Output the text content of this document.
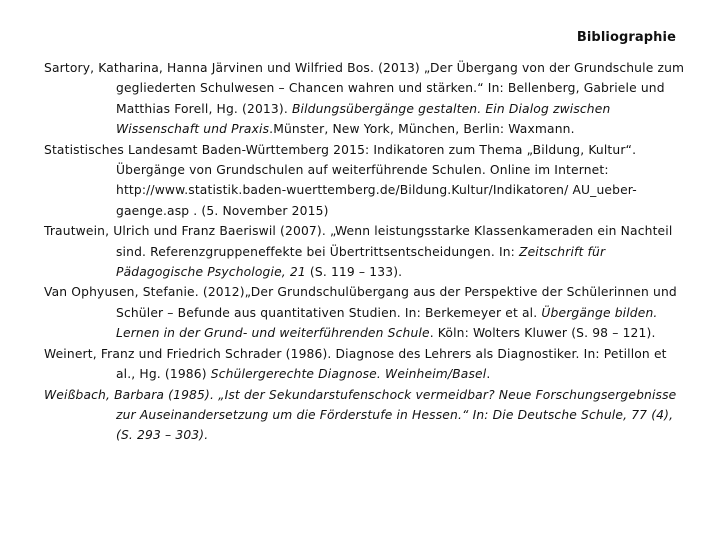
Bibliographie
Sartory, Katharina, Hanna Järvinen und Wilfried Bos. (2013) „Der Übergang von der Grundschule zum gegliederten Schulwesen – Chancen wahren und stärken.“ In: Bellenberg, Gabriele und Matthias Forell, Hg. (2013). Bildungsübergänge gestalten. Ein Dialog zwischen Wissenschaft und Praxis.Münster, New York, München, Berlin: Waxmann.
Statistisches Landesamt Baden-Württemberg 2015: Indikatoren zum Thema „Bildung, Kultur“. Übergänge von Grundschulen auf weiterführende Schulen. Online im Internet: http://www.statistik.baden-wuerttemberg.de/Bildung.Kultur/Indikatoren/ AU_ueber-gaenge.asp . (5. November 2015)
Trautwein, Ulrich und Franz Baeriswil (2007). „Wenn leistungsstarke Klassenkameraden ein Nachteil sind. Referenzgruppeneffekte bei Übertrittsentscheidungen. In: Zeitschrift für Pädagogische Psychologie, 21 (S. 119 – 133).
Van Ophyusen, Stefanie. (2012)„Der Grundschulübergang aus der Perspektive der Schülerinnen und Schüler – Befunde aus quantitativen Studien. In: Berkemeyer et al. Übergänge bilden. Lernen in der Grund- und weiterführenden Schule. Köln: Wolters Kluwer (S. 98 – 121).
Weinert, Franz und Friedrich Schrader (1986). Diagnose des Lehrers als Diagnostiker. In: Petillon et al., Hg. (1986) Schülergerechte Diagnose. Weinheim/Basel.
Weißbach, Barbara (1985). „Ist der Sekundarstufenschock vermeidbar? Neue Forschungsergebnisse zur Auseinandersetzung um die Förderstufe in Hessen.“ In: Die Deutsche Schule, 77 (4), (S. 293 – 303).
